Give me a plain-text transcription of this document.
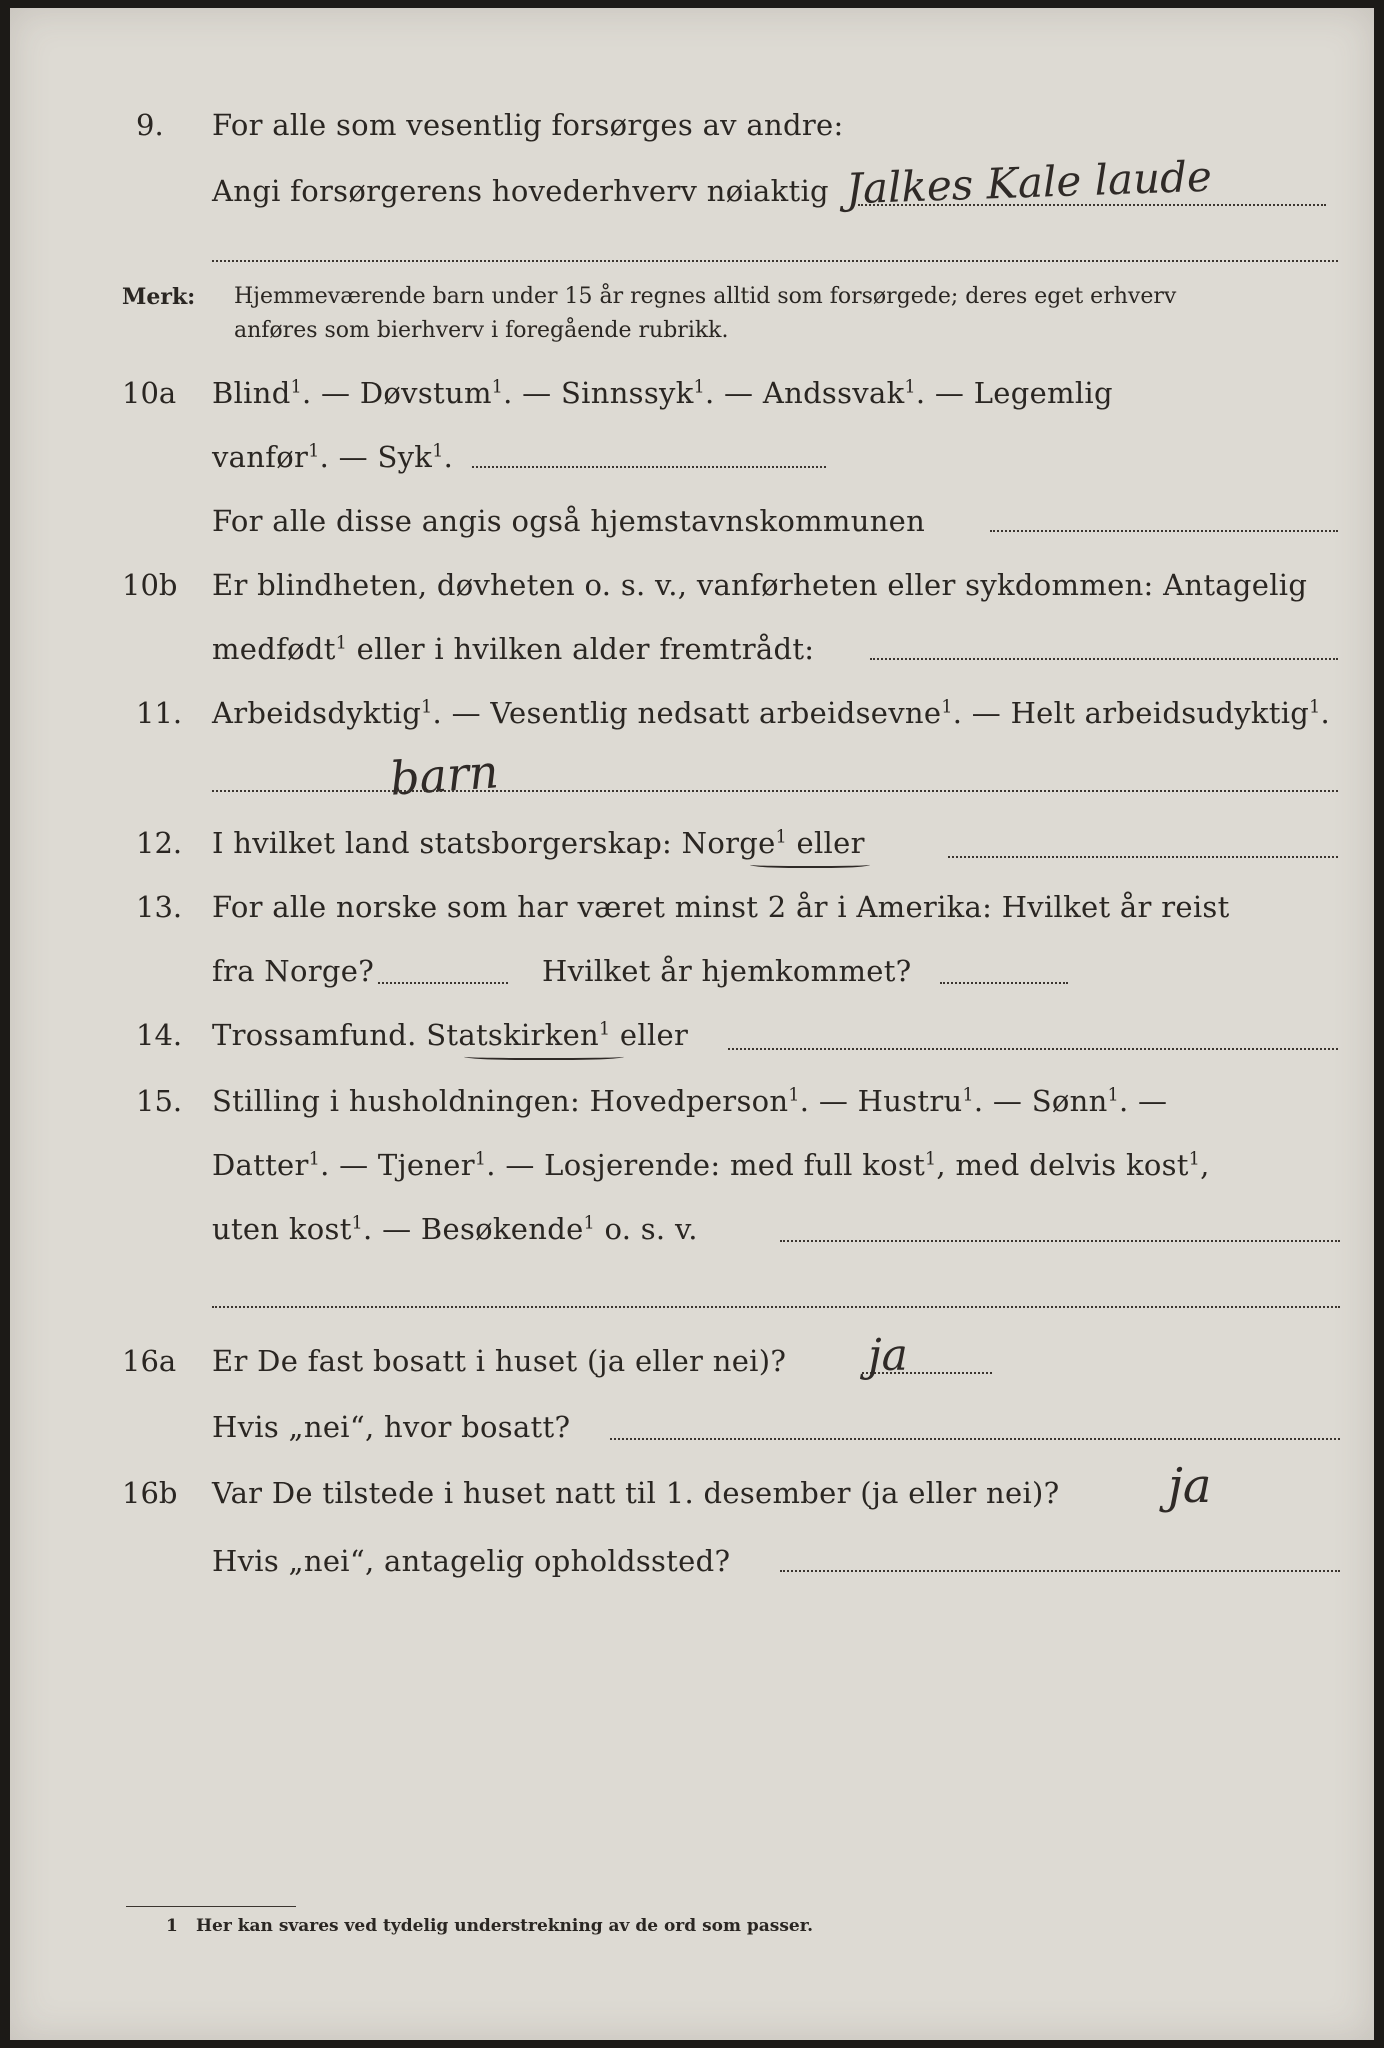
9. For alle som vesentlig forsørges av andre:
Angi forsørgerens hovederhverv nøiaktig Jalkes Kale laude
Merk: Hjemmeværende barn under 15 år regnes alltid som forsørgede; deres eget erhverv
anføres som bierhverv i foregående rubrikk.
10a Blind$^1$. — Døvstum$^1$. — Sinnssyk$^1$. — Andssvak$^1$. — Legemlig
vanfør$^1$. — Syk$^1$.
For alle disse angis også hjemstavnskommunen
10b Er blindheten, døvheten o. s. v., vanførheten eller sykdommen: Antagelig
medfødt$^1$ eller i hvilken alder fremtrådt:
11. Arbeidsdyktig$^1$. — Vesentlig nedsatt arbeidsevne$^1$. — Helt arbeidsudyktig$^1$.
barn
12. I hvilket land statsborgerskap: Norge$^1$ eller
13. For alle norske som har været minst 2 år i Amerika: Hvilket år reist
fra Norge?	Hvilket år hjemkommet?
14. Trossamfund. Statskirken$^1$ eller
15. Stilling i husholdningen: Hovedperson$^1$. — Hustru$^1$. — Sønn$^1$. —
Datter$^1$. — Tjener$^1$. — Losjerende: med full kost$^1$, med delvis kost$^1$,
uten kost$^1$. — Besøkende$^1$ o. s. v.
16a Er De fast bosatt i huset (ja eller nei)? ja
Hvis „nei“, hvor bosatt?
16b Var De tilstede i huset natt til 1. desember (ja eller nei)? ja
Hvis „nei“, antagelig opholdssted?
1 Her kan svares ved tydelig understrekning av de ord som passer.
